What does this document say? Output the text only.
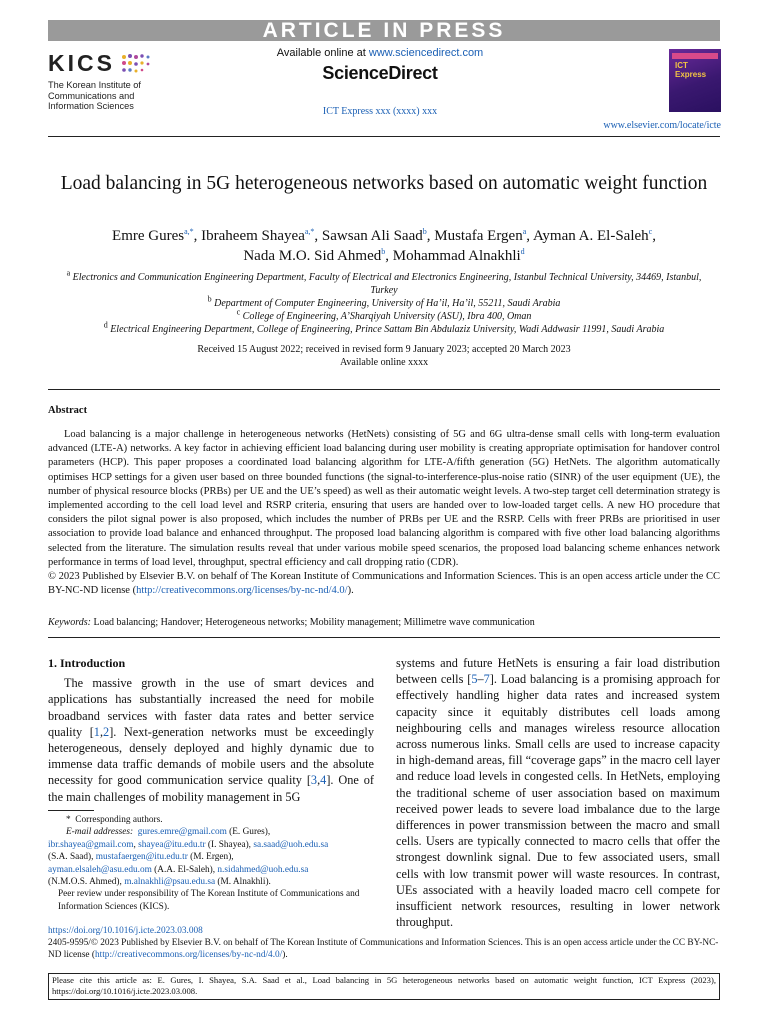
ARTICLE IN PRESS
KICS
The Korean Institute of
Communications and
Information Sciences
Available online at www.sciencedirect.com
ScienceDirect
ICT Express xxx (xxxx) xxx
ICT Express
www.elsevier.com/locate/icte
Load balancing in 5G heterogeneous networks based on automatic weight function
Emre Gures$^{a,*}$, Ibraheem Shayea$^{a,*}$, Sawsan Ali Saad$^b$, Mustafa Ergen$^a$, Ayman A. El-Saleh$^c$,
Nada M.O. Sid Ahmed$^b$, Mohammad Alnakhli$^d$
$^a$ Electronics and Communication Engineering Department, Faculty of Electrical and Electronics Engineering, Istanbul Technical University, 34469, Istanbul, Turkey
$^b$ Department of Computer Engineering, University of Ha’il, Ha’il, 55211, Saudi Arabia
$^c$ College of Engineering, A’Sharqiyah University (ASU), Ibra 400, Oman
$^d$ Electrical Engineering Department, College of Engineering, Prince Sattam Bin Abdulaziz University, Wadi Addwasir 11991, Saudi Arabia
Received 15 August 2022; received in revised form 9 January 2023; accepted 20 March 2023
Available online xxxx
Abstract

Load balancing is a major challenge in heterogeneous networks (HetNets) consisting of 5G and 6G ultra-dense small cells with long-term evaluation advanced (LTE-A) networks. A key factor in achieving efficient load balancing during user mobility is creating appropriate optimisation for handover control parameters (HCP). This paper proposes a coordinated load balancing algorithm for LTE-A/fifth generation (5G) HetNets. The algorithm automatically optimises HCP settings for a given user based on three bounded functions (the signal-to-interference-plus-noise ratio (SINR) of the user equipment (UE), the number of physical resource blocks (PRBs) per UE and the UE’s speed) as well as their automatic weight levels. A two-step target cell determination strategy is implemented according to the cell load level and RSRP criteria, ensuring that users are handed over to low-loaded target cells. A new HO procedure that considers the pilot signal power is also proposed, which includes the number of PRBs per UE and the RSRP. Cells with freer PRBs are prioritised in user association to provide load balance and enhanced throughput. The proposed load balancing algorithm is compared with five other load balancing algorithms selected from the literature. The simulation results reveal that under various mobile speed scenarios, the proposed load balancing scheme enhances network performance in terms of load level, throughput, spectral efficiency and call dropping ratio (CDR).

© 2023 Published by Elsevier B.V. on behalf of The Korean Institute of Communications and Information Sciences. This is an open access article under the CC BY-NC-ND license (http://creativecommons.org/licenses/by-nc-nd/4.0/).

Keywords: Load balancing; Handover; Heterogeneous networks; Mobility management; Millimetre wave communication
1. Introduction

The massive growth in the use of smart devices and applications has substantially increased the need for mobile broadband services with faster data rates and better service quality [1,2]. Next-generation networks must be exceedingly heterogeneous, densely deployed and highly dynamic due to immense data traffic demands of mobile users and the absolute necessity for good communication service quality [3,4]. One of the main challenges of mobility management in 5G

systems and future HetNets is ensuring a fair load distribution between cells [5–7]. Load balancing is a promising approach for effectively handling higher data rates and increased system capacity since it equitably distributes cell loads among neighbouring cells and manages wireless resource allocation across numerous links. Small cells are used to increase capacity in high-demand areas, fill “coverage gaps” in the macro cell layer and reduce load levels in congested cells. In HetNets, employing the traditional scheme of user association based on maximum received power leads to severe load imbalance due to the large differences in power transmission between the macro and small cells. Users are typically connected to macro cells that offer the strongest downlink signal. Due to few associated users, small cells with low transmit power will waste resources. In contrast, UEs associated with a heavily loaded macro cell compete for insufficient network resources, resulting in lower network throughput.

*  Corresponding authors.
E-mail addresses: gures.emre@gmail.com (E. Gures),
ibr.shayea@gmail.com, shayea@itu.edu.tr (I. Shayea), sa.saad@uoh.edu.sa
(S.A. Saad), mustafaergen@itu.edu.tr (M. Ergen),
ayman.elsaleh@asu.edu.om (A.A. El-Saleh), n.sidahmed@uoh.edu.sa
(N.M.O.S. Ahmed), m.alnakhli@psau.edu.sa (M. Alnakhli).
Peer review under responsibility of The Korean Institute of Communications and Information Sciences (KICS).
https://doi.org/10.1016/j.icte.2023.03.008
2405-9595/© 2023 Published by Elsevier B.V. on behalf of The Korean Institute of Communications and Information Sciences. This is an open access article under the CC BY-NC-ND license (http://creativecommons.org/licenses/by-nc-nd/4.0/).
Please cite this article as: E. Gures, I. Shayea, S.A. Saad et al., Load balancing in 5G heterogeneous networks based on automatic weight function, ICT Express (2023), https://doi.org/10.1016/j.icte.2023.03.008.
